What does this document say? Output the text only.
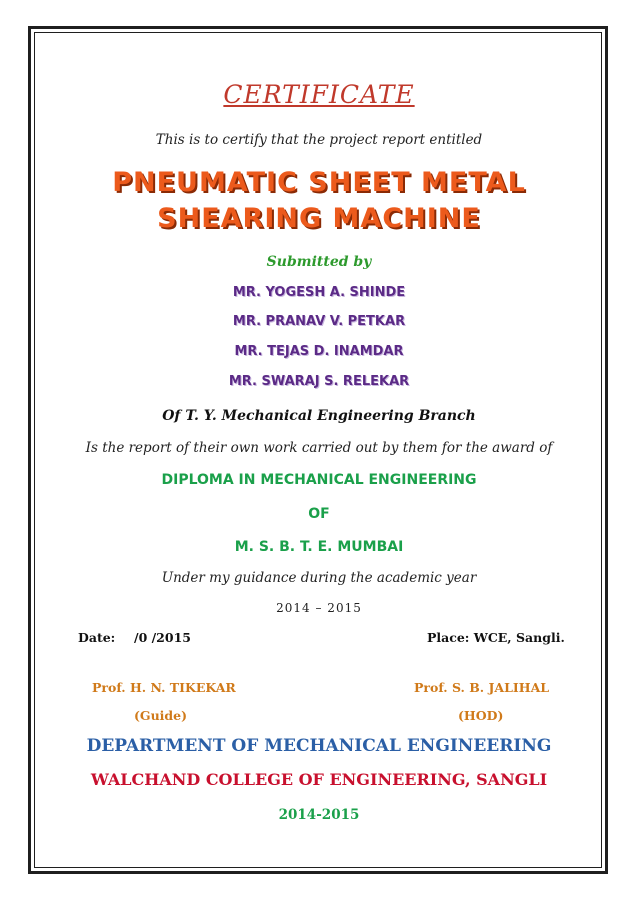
CERTIFICATE
This is to certify that the project report entitled
PNEUMATIC SHEET METAL
SHEARING MACHINE
Submitted by
MR. YOGESH A. SHINDE
MR. PRANAV V. PETKAR
MR. TEJAS D. INAMDAR
MR. SWARAJ S. RELEKAR
Of T. Y. Mechanical Engineering Branch
Is the report of their own work carried out by them for the award of
DIPLOMA IN MECHANICAL ENGINEERING
OF
M. S. B. T. E. MUMBAI
Under my guidance during the academic year
2014 – 2015
Date: /0 /2015	Place: WCE, Sangli.
Prof. H. N. TIKEKAR	Prof. S. B. JALIHAL
(Guide)	(HOD)
DEPARTMENT OF MECHANICAL ENGINEERING
WALCHAND COLLEGE OF ENGINEERING, SANGLI
2014-2015
